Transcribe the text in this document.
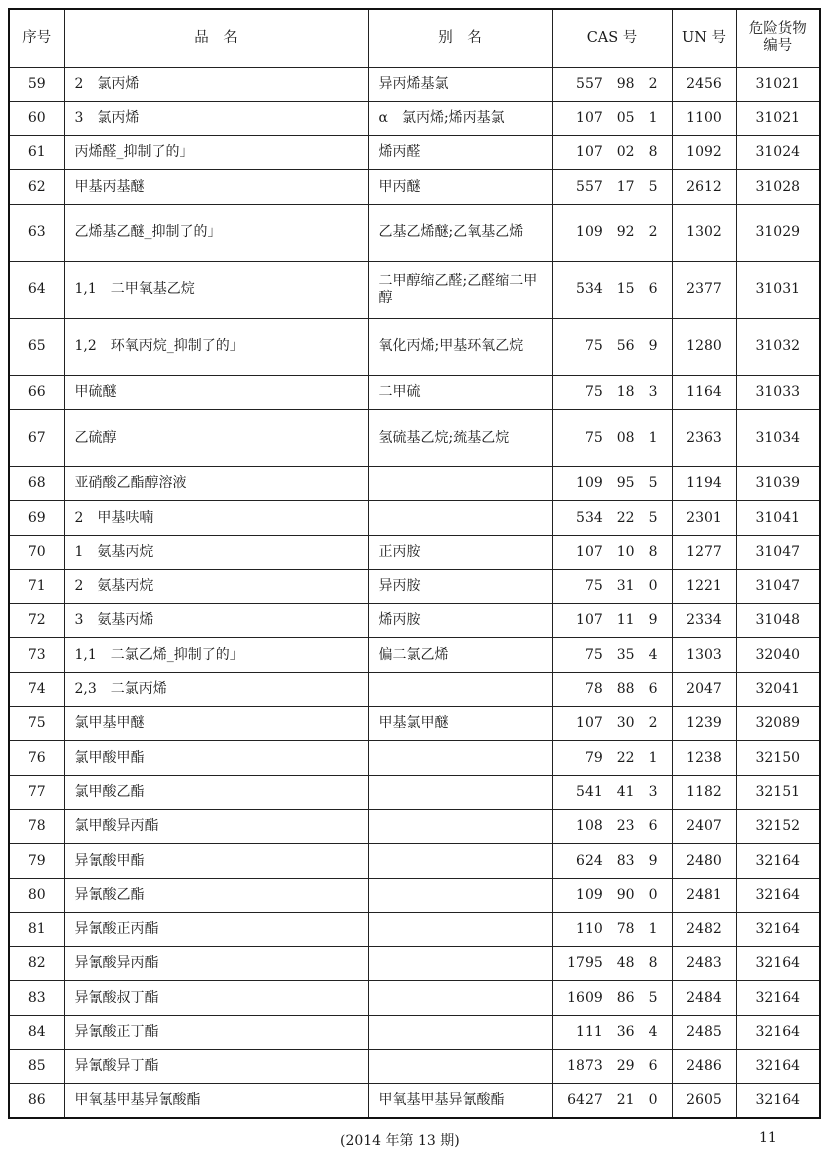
序号	品　名	别　名	CAS 号	UN 号	危险货物
编号

59	2　氯丙烯	异丙烯基氯	557　98　2	2456	31021
60	3　氯丙烯	α　氯丙烯;烯丙基氯	107　05　1	1100	31021
61	丙烯醛_抑制了的」	烯丙醛	107　02　8	1092	31024
62	甲基丙基醚	甲丙醚	557　17　5	2612	31028
63	乙烯基乙醚_抑制了的」	乙基乙烯醚;乙氧基乙烯	109　92　2	1302	31029
64	1,1　二甲氧基乙烷	二甲醇缩乙醛;乙醛缩二甲醇	534　15　6	2377	31031
65	1,2　环氧丙烷_抑制了的」	氧化丙烯;甲基环氧乙烷	75　56　9	1280	31032
66	甲硫醚	二甲硫	75　18　3	1164	31033
67	乙硫醇	氢硫基乙烷;巯基乙烷	75　08　1	2363	31034
68	亚硝酸乙酯醇溶液		109　95　5	1194	31039
69	2　甲基呋喃		534　22　5	2301	31041
70	1　氨基丙烷	正丙胺	107　10　8	1277	31047
71	2　氨基丙烷	异丙胺	75　31　0	1221	31047
72	3　氨基丙烯	烯丙胺	107　11　9	2334	31048
73	1,1　二氯乙烯_抑制了的」	偏二氯乙烯	75　35　4	1303	32040
74	2,3　二氯丙烯		78　88　6	2047	32041
75	氯甲基甲醚	甲基氯甲醚	107　30　2	1239	32089
76	氯甲酸甲酯		79　22　1	1238	32150
77	氯甲酸乙酯		541　41　3	1182	32151
78	氯甲酸异丙酯		108　23　6	2407	32152
79	异氰酸甲酯		624　83　9	2480	32164
80	异氰酸乙酯		109　90　0	2481	32164
81	异氰酸正丙酯		110　78　1	2482	32164
82	异氰酸异丙酯		1795　48　8	2483	32164
83	异氰酸叔丁酯		1609　86　5	2484	32164
84	异氰酸正丁酯		111　36　4	2485	32164
85	异氰酸异丁酯		1873　29　6	2486	32164
86	甲氧基甲基异氰酸酯	甲氧基甲基异氰酸酯	6427　21　0	2605	32164
(2014 年第 13 期)	11
